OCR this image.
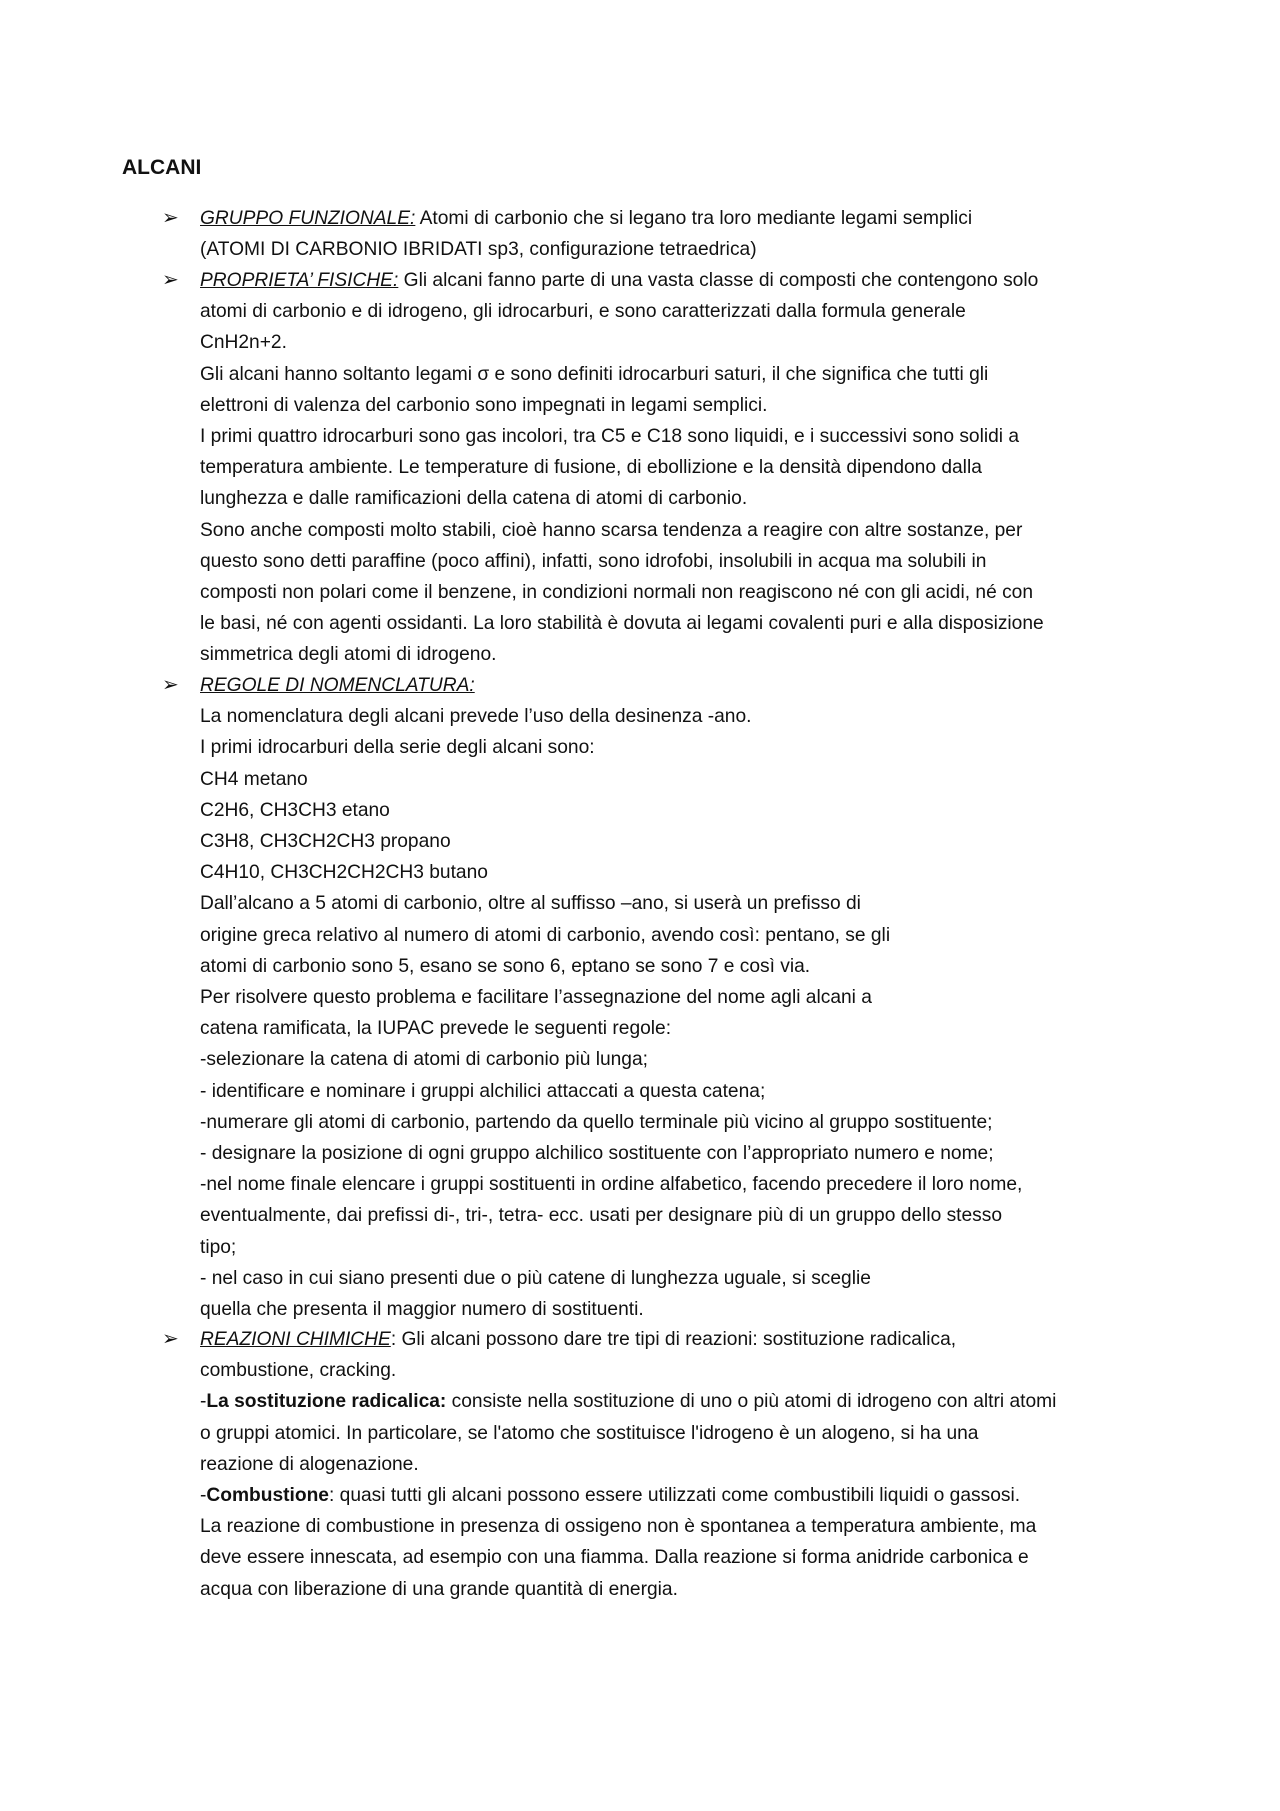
ALCANI
➢ GRUPPO FUNZIONALE: Atomi di carbonio che si legano tra loro mediante legami semplici

(ATOMI DI CARBONIO IBRIDATI sp3, configurazione tetraedrica)

➢ PROPRIETA’ FISICHE: Gli alcani fanno parte di una vasta classe di composti che contengono solo

atomi di carbonio e di idrogeno, gli idrocarburi, e sono caratterizzati dalla formula generale

CnH2n+2.

Gli alcani hanno soltanto legami σ e sono definiti idrocarburi saturi, il che significa che tutti gli

elettroni di valenza del carbonio sono impegnati in legami semplici.

I primi quattro idrocarburi sono gas incolori, tra C5 e C18 sono liquidi, e i successivi sono solidi a

temperatura ambiente. Le temperature di fusione, di ebollizione e la densità dipendono dalla

lunghezza e dalle ramificazioni della catena di atomi di carbonio.

Sono anche composti molto stabili, cioè hanno scarsa tendenza a reagire con altre sostanze, per

questo sono detti paraffine (poco affini), infatti, sono idrofobi, insolubili in acqua ma solubili in

composti non polari come il benzene, in condizioni normali non reagiscono né con gli acidi, né con

le basi, né con agenti ossidanti. La loro stabilità è dovuta ai legami covalenti puri e alla disposizione

simmetrica degli atomi di idrogeno.

➢ REGOLE DI NOMENCLATURA:

La nomenclatura degli alcani prevede l’uso della desinenza -ano.

I primi idrocarburi della serie degli alcani sono:

CH4 metano

C2H6, CH3CH3 etano

C3H8, CH3CH2CH3 propano

C4H10, CH3CH2CH2CH3 butano

Dall’alcano a 5 atomi di carbonio, oltre al suffisso –ano, si userà un prefisso di

origine greca relativo al numero di atomi di carbonio, avendo così: pentano, se gli

atomi di carbonio sono 5, esano se sono 6, eptano se sono 7 e così via.

Per risolvere questo problema e facilitare l’assegnazione del nome agli alcani a

catena ramificata, la IUPAC prevede le seguenti regole:

-selezionare la catena di atomi di carbonio più lunga;

- identificare e nominare i gruppi alchilici attaccati a questa catena;

-numerare gli atomi di carbonio, partendo da quello terminale più vicino al gruppo sostituente;

- designare la posizione di ogni gruppo alchilico sostituente con l’appropriato numero e nome;

-nel nome finale elencare i gruppi sostituenti in ordine alfabetico, facendo precedere il loro nome,

eventualmente, dai prefissi di-, tri-, tetra- ecc. usati per designare più di un gruppo dello stesso

tipo;

- nel caso in cui siano presenti due o più catene di lunghezza uguale, si sceglie

quella che presenta il maggior numero di sostituenti.

➢ REAZIONI CHIMICHE: Gli alcani possono dare tre tipi di reazioni: sostituzione radicalica,

combustione, cracking.

-La sostituzione radicalica: consiste nella sostituzione di uno o più atomi di idrogeno con altri atomi

o gruppi atomici. In particolare, se l'atomo che sostituisce l'idrogeno è un alogeno, si ha una

reazione di alogenazione.

-Combustione: quasi tutti gli alcani possono essere utilizzati come combustibili liquidi o gassosi.

La reazione di combustione in presenza di ossigeno non è spontanea a temperatura ambiente, ma

deve essere innescata, ad esempio con una fiamma. Dalla reazione si forma anidride carbonica e

acqua con liberazione di una grande quantità di energia.
